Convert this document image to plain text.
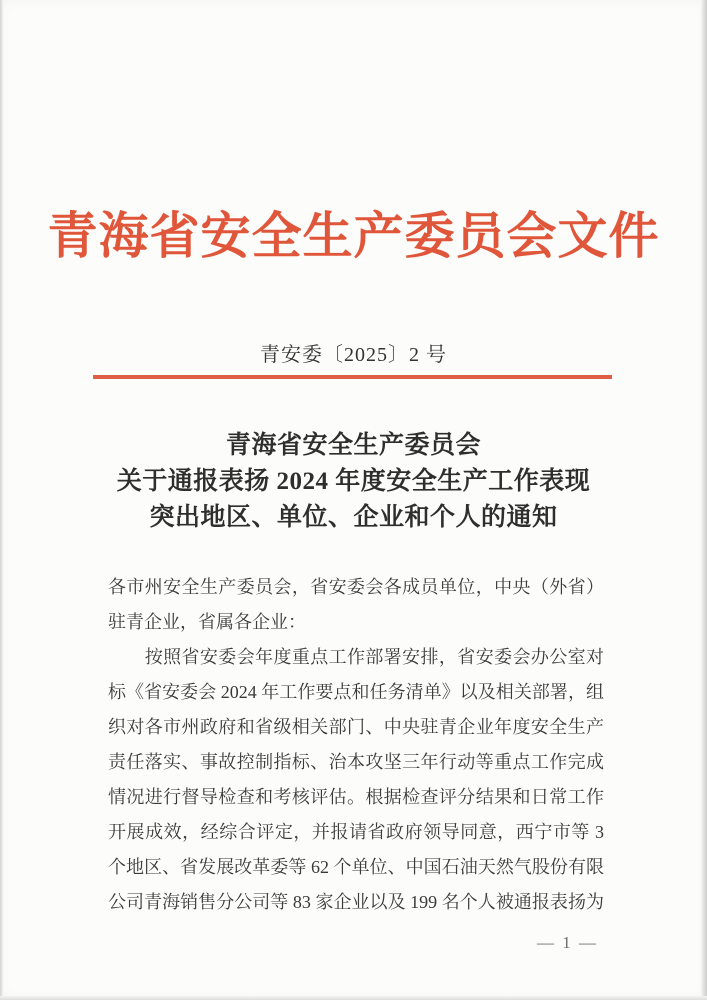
青海省安全生产委员会文件
青安委〔2025〕2 号
青海省安全生产委员会
关于通报表扬 2024 年度安全生产工作表现
突出地区、单位、企业和个人的通知
各市州安全生产委员会，省安委会各成员单位，中央（外省）
驻青企业，省属各企业：
　　按照省安委会年度重点工作部署安排，省安委会办公室对
标《省安委会 2024 年工作要点和任务清单》以及相关部署，组
织对各市州政府和省级相关部门、中央驻青企业年度安全生产
责任落实、事故控制指标、治本攻坚三年行动等重点工作完成
情况进行督导检查和考核评估。根据检查评分结果和日常工作
开展成效，经综合评定，并报请省政府领导同意，西宁市等 3
个地区、省发展改革委等 62 个单位、中国石油天然气股份有限
公司青海销售分公司等 83 家企业以及 199 名个人被通报表扬为
— 1 —
